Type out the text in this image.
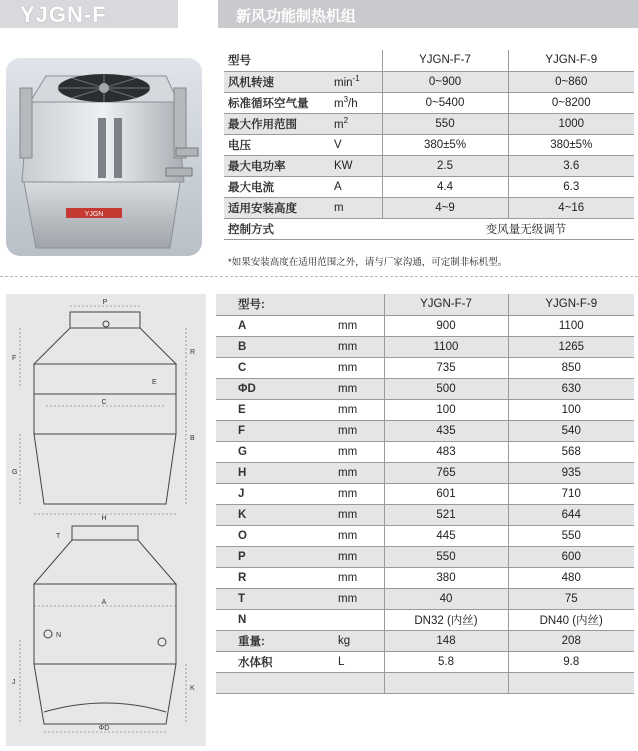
YJGN-F	新风功能制热机组
YJGN
型号		YJGN-F-7	YJGN-F-9
风机转速	$\min^{-1}$	0~900	0~860
标准循环空气量	$m^3/h$	0~5400	0~8200
最大作用范围	$m^2$	550	1000
电压	V	380±5%	380±5%
最大电功率	KW	2.5	3.6
最大电流	A	4.4	6.3
适用安装高度	m	4~9	4~16
控制方式		变风量无级调节	
*如果安装高度在适用范围之外，请与厂家沟通，可定制非标机型。
P
F
R
C
E
B
G
H
T
A
N
J
K
ΦD
型号:		YJGN-F-7	YJGN-F-9
A	mm	900	1100
B	mm	1100	1265
C	mm	735	850
ΦD	mm	500	630
E	mm	100	100
F	mm	435	540
G	mm	483	568
H	mm	765	935
J	mm	601	710
K	mm	521	644
O	mm	445	550
P	mm	550	600
R	mm	380	480
T	mm	40	75
N		DN32 (内丝)	DN40 (内丝)
重量:	kg	148	208
水体积	L	5.8	9.8
